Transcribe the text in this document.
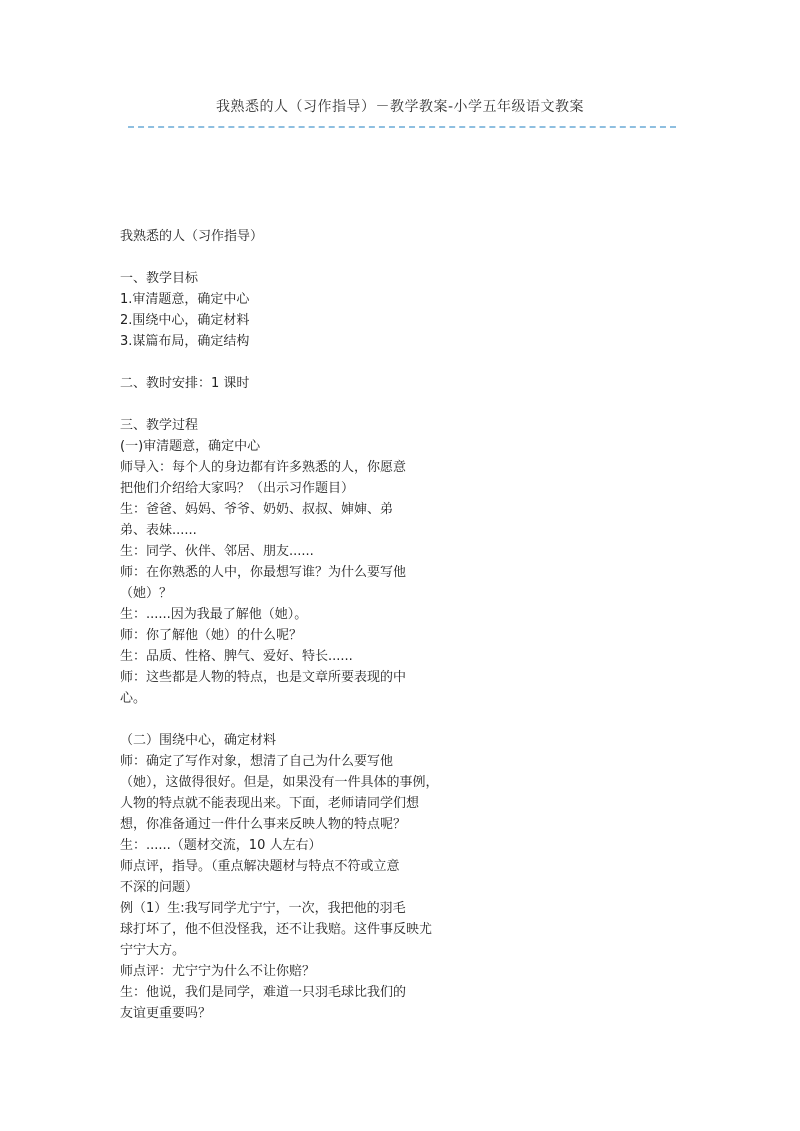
我熟悉的人（习作指导）－教学教案-小学五年级语文教案
我熟悉的人（习作指导）
一、教学目标
1.审清题意，确定中心
2.围绕中心，确定材料
3.谋篇布局，确定结构
二、教时安排：1 课时
三、教学过程
(一)审清题意，确定中心
师导入：每个人的身边都有许多熟悉的人，你愿意
把他们介绍给大家吗？（出示习作题目）
生：爸爸、妈妈、爷爷、奶奶、叔叔、婶婶、弟
弟、表妹......
生：同学、伙伴、邻居、朋友......
师：在你熟悉的人中，你最想写谁？为什么要写他
（她）？
生：......因为我最了解他（她）。
师：你了解他（她）的什么呢？
生：品质、性格、脾气、爱好、特长......
师：这些都是人物的特点，也是文章所要表现的中
心。
（二）围绕中心，确定材料
师：确定了写作对象，想清了自己为什么要写他
（她），这做得很好。但是，如果没有一件具体的事例，
人物的特点就不能表现出来。下面，老师请同学们想
想，你准备通过一件什么事来反映人物的特点呢？
生：......（题材交流，10 人左右）
师点评，指导。（重点解决题材与特点不符或立意
不深的问题）
例（1）生:我写同学尤宁宁，一次，我把他的羽毛
球打坏了，他不但没怪我，还不让我赔。这件事反映尤
宁宁大方。
师点评：尤宁宁为什么不让你赔？
生：他说，我们是同学，难道一只羽毛球比我们的
友谊更重要吗？
